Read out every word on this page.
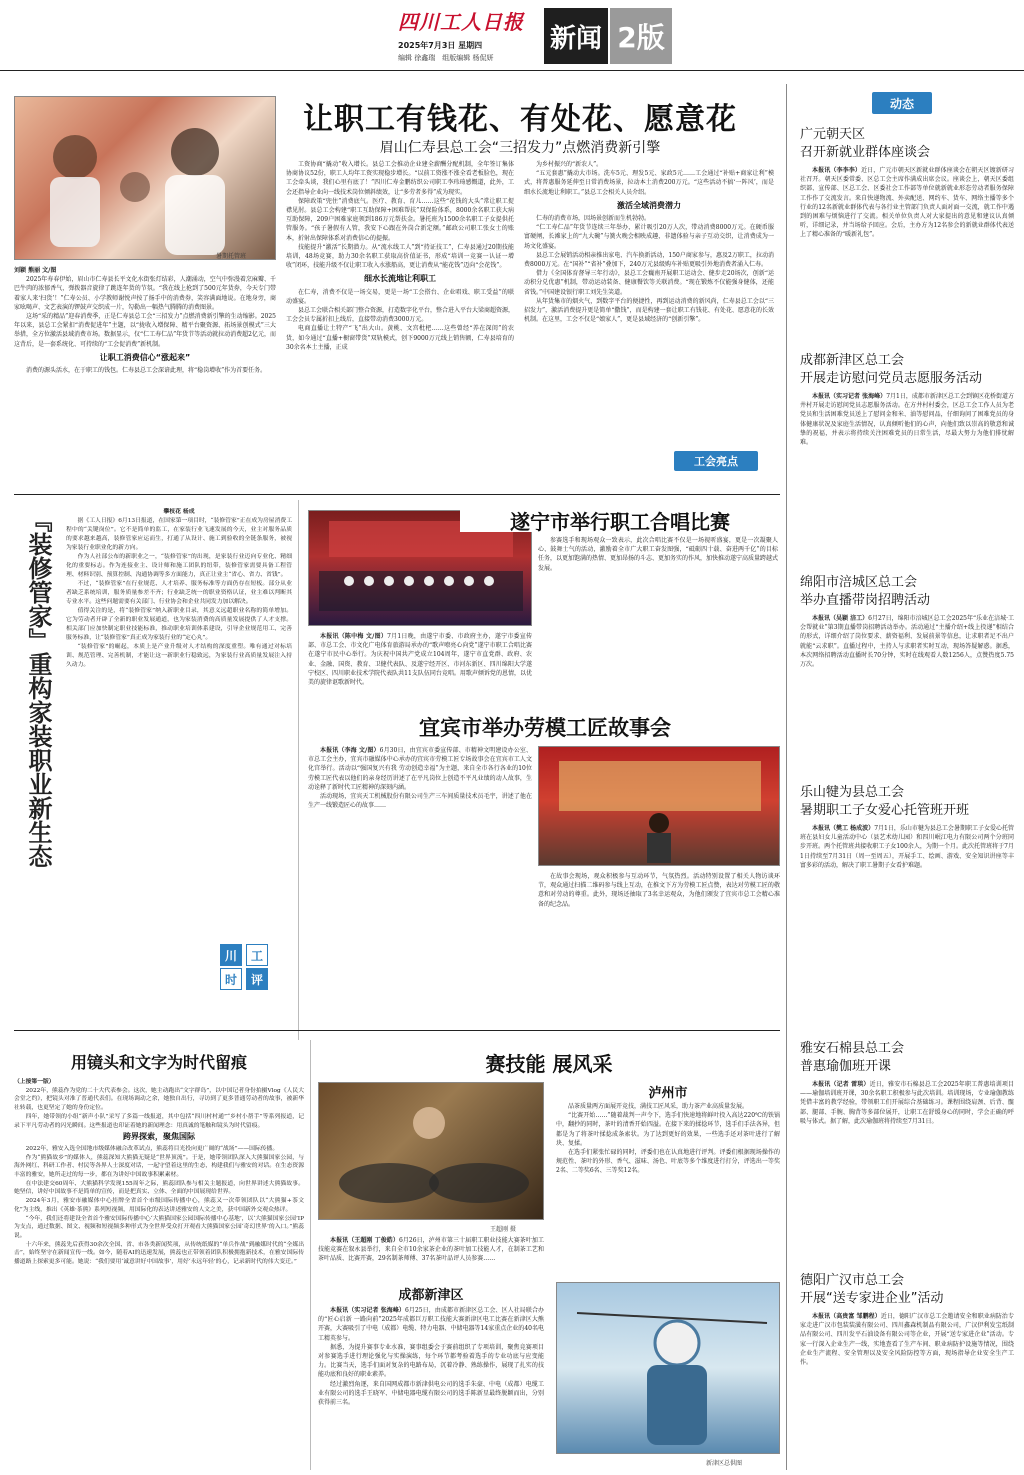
四川工人日报
2025年7月3日 星期四
编辑 徐鑫瑞　组版编辑 杨侃妍
新闻 2版
暑期托管班
让职工有钱花、有处花、愿意花
眉山仁寿县总工会“三招发力”点燃消费新引擎
刘颖 熊丽 文/图

2025年寿春伊始，眉山市仁寿县长平文化水街张灯结彩，人潮涌动，空气中弥漫着烹麻瓣、千巴牛肉的浓郁香气，弹拨器音旋律了跳连年货的节氛。“我在线上抢到了500元年货券，今天专门带着家人来‘扫货’！”仁寿公员、小学教师谢悦声按了扬手中的消费券，笑容满面地说。在地身旁，商家吆喝声、文艺表演的锣鼓声交织成一片，勾勒出一幅热气腾腾的消费图景。

这场“采的精品”迎春消费季，正是仁寿县总工会“三招发力”点燃消费新引擎的生动缩影。2025年以来，县总工会紧扣“消费促进年”主题，以“拢收入增保障、精平台聚资源、拓场景创模式”三大举措，全方位激活县域消费市场。数据显示，仅“仁工寿仁品”年货节等活动就拉动消费超2亿元，而这背后，是一套系统化、可持续的“工会促消费”新机制。

让职工消费信心“涨起来”

消费的源头活水，在于职工的钱包。仁寿县总工会深谙此理，将“稳岗增收”作为首要任务。

工资协商“撬动”收入增长。县总工会推动企业建全薪酬分配机制，全年签订集体协商协议52份，职工人均年工资实现稳步增长。“以前工资涨不涨全看老板脸色，现在工会牵头谈，我们心里有底了！”四川仁寿金鹏纺织公司职工李玮琦感慨道，此外，工会还指导企业向一线技术岗位倾斜绩效，让“多劳者多得”成为现实。

保障政策“兜住”消费底气。医疗、教育、育儿……这些“花钱的大头”常让职工捉襟见肘。县总工会构建“职工互助保障+困难帮扶”双保险体系，8000余名职工获大病互助保障，209户困难家庭领到186万元帮扶金。暑托班为1500余名职工子女提供托管服务。“孩子暑假有人管，我安下心跟在外岗合新定额。”邮政公司职工张女士的账本，折射出保障体系对消费信心的提振。

技能提升“激活”长期潜力。从“流水线工人”到“持证技工”，仁寿县通过20期技能培训，48场竞赛，助力30余名职工获取高价值证书，形成“培训一竞赛一认证一增收”闭环，技能升级不仅让职工收入水涨船高，更让消费从“能花钱”迈向“会花钱”。

细水长流地让利职工

在仁寿，消费不仅是一场交易，更是一场“工会搭台、企业唱戏、职工受益”的联动盛宴。

县总工会联合相关部门整合资源，打造数字化平台，整合进入平台大梁商超资源，工会会员专属折扣上线后，直接带动消费3000万元。

电商直播让土特产“飞”出大山。黄桃、文宫枇杷……这些曾经“养在深闺”的农货，如今通过“直播+橱窗带货”双轨模式，创下9000万元线上销售额，仁寿县培育的30余名本土主播，正成

为乡村振兴的“新农人”。

“五元套惠”撬动大市场。洗车5元、理发5元、家政5元……工会通过“补贴+商家让利”模式，将普惠服务延伸至日常消费场景，拉动本土消费200万元。“这些活动不搞‘一阵风’，而是细水长流地让利职工。”县总工会相关人员介绍。

激活全域消费潜力

仁寿的消费市场，因场景创新而生机勃勃。

“仁工寿仁品”年货节连续三年举办，累计吸引20万人次，带动消费8000万元。在硬币服富硬闸，长滩家上的“九大碗”与簧火晚会相映成趣，非遗体验与亲子互动交织，让消费成为一场文化盛宴。

县总工会展销活动相亲推出家电、汽车换新活动，150户商家参与，惠及2万职工，拉动消费8000万元。在“国补”“省补”叠加下，240万元县级购车补贴更吸引外地消费者涌入仁寿。

借力《全国体育督导三年行动》，县总工会巍南开展职工运动会、健步走20场次，创新“运动积分兑优惠”机制，带动运动装备、健康餐饮等关联消费。“现在锻炼不仅能强身健体，还能省钱。”中国建设银行职工刘先生笑道。

从年货集市的烟火气，到数字平台的便捷性，再到运动消费的新风尚，仁寿县总工会以“三招发力”，激活消费提升更是简单“撒钱”，而是构建一套让职工有钱花、有处花、愿意花的长效机制。在这里，工会不仅是“娘家人”，更是县域经济的“创新引擎”。

工会亮点
『装修管家』重构家装职业新生态	攀枝花 杨成

据《工人日报》6月13日报道，在国家第一项目时，“装修管家”正在成为房屋消费工程中的“关键岗位”。它不是简单的监工，在家装行业飞速发展的今天，业主对服务品质的要求越来越高，装修管家应运而生，打通了从设计、施工到验收的全链条服务，被视为家装行业职业化的新方向。

作为人社部公布的新职业之一，“装修管家”的出现，是家装行业迈向专业化、精细化的重要标志。作为连接业主、设计师和施工团队的纽带，装修管家需要具备工程管理、材料识别、预算控制、沟通协调等多方面能力，真正让业主“省心、省力、省钱”。

不过，“装修管家”在行业规范、人才培养、服务标准等方面仍存在短板。部分从业者缺乏系统培训，服务质量参差不齐；行业缺乏统一的职业资格认证，业主难以判断其专业水平。这些问题需要有关部门、行业协会和企业共同发力加以解决。

值得关注的是，将“装修管家”纳入新职业目录，其意义远超职业名称的简单增加。它为劳动者开辟了全新的职业发展通道，也为家装消费的高质量发展提供了人才支撑。相关部门应加快制定职业技能标准，推动职业培训体系建设，引导企业规范用工、完善服务标准，让“装修管家”真正成为家装行业的“定心丸”。

“装修管家”的崛起，本质上是产业升级对人才结构的深度重塑。唯有通过对标培训、规范管理、完善机制，才能让这一新职业行稳致远，为家装行业高质量发展注入持久动力。

川	工
时	评
遂宁市举行职工合唱比赛

本报讯（陈中梅 文/图）7月1日晚，由遂宁市委、市政府主办，遂宁市委宣传部、市总工会、市文化广电体育旅游局承办的“歌声嘹亮心向党”遂宁市职工合唱比赛在遂宁市民中心举行。为庆祝中国共产党成立104周年，遂宁市直党群、政府、农业、金融、国资、教育、卫健代表队、及遂宁经开区、市河东新区、四川绵阳大学遂宁校区、四川职业技术学院代表队共11支队伍同台竞唱。用歌声倾诉党的恩情，以优美的旋律讴歌新时代。

参赛选手和现场观众一致表示，此次合唱比赛不仅是一场视听盛宴，更是一次凝聚人心、鼓舞士气的活动，激励着全市广大职工奋发图强，“砥砺四十载、奋进两千亿”的目标任务，以更加饱满的热情、更加昂扬的斗志、更加务实的作风，加快推动遂宁高质量跨越式发展。

宜宾市举办劳模工匠故事会

本报讯（李海 文/图）6月30日，由宜宾市委宣传部、市精神文明建设办公室、市总工会主办，宜宾市融媒体中心承办的宜宾市劳模工匠专场故事会在宜宾市工人文化宫举行。活动以“强国复兴有我 劳动创造幸福”为主题，来自全市各行各业的10位劳模工匠代表以他们的亲身经历讲述了在平凡岗位上创造不平凡业绩的动人故事，生动诠释了新时代工匠精神的深刻内涵。

活动现场，宜宾天工机械股份有限公司生产三车间质量技术员毛宇，讲述了他在生产一线锻造匠心的故事……

在故事会现场，观众积极参与互动环节，气氛热烈。活动特别设置了相关人物访谈环节，观众通过扫描二维码参与线上互动，在推文下方为劳模工匠点赞，表达对劳模工匠的敬意和对劳动的尊重。此外，现场还抽取了3名幸运观众，为他们颁发了宜宾市总工会精心准备的纪念品。

赛技能 展风采
王超刚 摄
泸州市

品茶质量两方面展开竞技，满技工匠风采，助力茶产业高质量发展。

“比赛开始……”随着裁判一声令下，选手们快速地将鲜叶投入高达220℃的铁锅中，翻抄的同时，茶叶的清香开始四溢。在接下来的揉捻环节，选手们手法各异，但都是为了将茶叶揉捻成条索状。为了达到更好的效果，一些选手还对茶叶进行了解块、复揉。

在选手们紧张忙碌的同时，评委们也在认真地进行评判。评委们根据现场操作的规范性、茶叶的外形、香气、滋味、汤色、叶底等多个维度进行打分，评选出一等奖2名、二等奖6名、三等奖12名。

本报讯（王超刚 丁俊皓）6月26日，泸州市第三十届职工职业技能大赛茶叶加工技能竞赛在叙永县举行，来自全市10余家茶企业的茶叶加工技能人才，在制茶工艺和茶叶品质、比赛开赛，29名制茶师傅、37名茶叶品评人员参赛……

成都新津区

本报讯（实习记者 张海峰）6月25日，由成都市新津区总工会、区人社局联合办的“匠心启新 一路向前”2025年成都巨万职工技能大赛新津区电工比赛在新津区大熊开赛，大赛吸引了中电（成都）电缆、特力电器、中储电器等14家重点企业的40名电工精英参与。

据悉，为提升赛事专业水准，赛事组委会于赛前组织了专项培训，聚焦竞赛项目对参赛选手进行理论强化与实操演练，每个环节都考验着选手的专业功底与应变能力。比赛当天，选手们面对复杂的电路布局，沉着冷静、熟练操作，展现了扎实的技能功底和良好的职业素养。

经过激烈角逐，来自国网成都市新津供电公司的选手朱豪、中电（成都）电缆工业有限公司的选手王晓军、中储电器电缆有限公司的选手陈新星最终脱颖而出，分别获得前三名。

新津区总供图
用镜头和文字为时代留痕
（上接第一版）

2022年，熊蕊作为党的二十大代表参会。这次，她主动跑出“文字群岛”，以中国记者身份拍摄Vlog《人民大会堂之约》，把镜头对准了普通代表们。在现场调动之余，她独自出行，寻访到了更多普通劳动者的故事，被新华社转载，也更坚定了她的身份定位。

四年，她带领的小组“新声小队”采写了多篇一线报道，其中包括“四川村村通”“乡村小帮手”等系列报道，记录下平凡劳动者的闪光瞬间。这些报道也印证着她的新闻理念：用真诚的笔触和镜头为时代留痕。

跨界探索，聚焦国际

2022年，雅安入选全国地市级媒体融合改革试点，熊蕊将目光投向更广阔的“战场”——国际传播。

作为“熊猫故乡”的媒体人，熊蕊深知大熊猫无疑是“世界顶流”。于是，她带领团队深入大熊猫国家公园，与海外网红、科研工作者、村民等各界人士深度对话，一起守望着这里的生态，构建我们与雅安的对话。在生态资源丰富的雅安，她所走过的每一步，都在为讲好中国故事积累素材。

在中法建交60周年、大熊猫科学发现155周年之际，熊蕊团队参与相关主题报道，向世界讲述大熊猫故事。她坚信，讲好中国故事不是简单的宣传，而是把真实、立体、全面的中国展现给世界。

2024年3月，雅安市融媒体中心挂牌全省首个市级国际传播中心，熊蕊又一次带领团队以“大熊猫+茶文化”为主线，推出《英雄·茶熊》系列短视频，用国际化的表达讲述雅安的人文之美，获中国新外交观众热评。

“今年，我们还将建设全省首个雅安国际传播中心‘大熊猫国家公园国际传播中心基地’，以‘大熊猫国家公园’IP为支点，通过数据、图文、视频和短视频多种形式为全世界受众打开观看大熊猫国家公园‘奇幻世界’的入口。”熊蕊说。

十六年来，熊蕊先后获得30余次全国、省、市各类新闻奖项，从传统纸媒的“单兵作战”到融媒时代的“全媒出击”，始终坚守在新闻宣传一线。如今，随着AI的迅速发展，熊蕊也正带领着团队积极拥抱新技术，在雅安国际传播道路上探索更多可能。她说：“我们要用‘诚意讲好中国故事’，用好‘永远年轻’的心，记录新时代的伟大变迁。”

动态
广元朝天区
召开新就业群体座谈会

本报讯（李李李）近日，广元市朝天区新就业群体座谈会在朝天区镀新研习社召开。朝天区委常委、区总工会主席作满成出席会议。座谈会上，朝天区委组织部、宣传部、区总工会、区委社会工作部等单位就新就业形态劳动者服务保障工作作了交流发言。来自快递物流、外卖配送、网约车、货车、网络主播等多个行业的12名新就业群体代表与各行业主管部门负责人面对面一交流，就工作中遇到的困难与烦恼进行了交流。相关单位负责人对大家提出的意见和建议认真倾听，详细记录，并当场给予回应。会后，主办方为12名参会的新就业群体代表送上了精心准备的“暖新礼包”。

成都新津区总工会
开展走访慰问党员志愿服务活动

本报讯（实习记者 张海峰）7月1日，成都市新津区总工会到镇区花桥街道方井村开展走访慰问党员志愿服务活动。在方井村村委会，区总工会工作人员为老党员和生活困难党员送上了慰问金和米、油等慰问品，仔细询问了困难党员的身体健康状况及家庭生活情况，认真倾听他们的心声，向他们致以崇高的敬意和诚挚的祝福，并表示将持续关注困难党员的日常生活，尽最大努力为他们排忧解难。

绵阳市涪城区总工会
举办直播带岗招聘活动

本报讯（吴颖 涪工）6月27日，绵阳市涪城区总工会2025年“乐业在涪城·工会帮就业”第3期直播带岗招聘活动举办。活动通过“主播介绍+线上投递”相结合的形式，详细介绍了岗位要求、薪资福利、发展前景等信息，让求职者足不出户就能“云求职”。直播过程中，主持人与求职者实时互动，现场答疑解惑。据悉，本次网络招聘活动直播时长70分钟，实时在线观看人数1256人，点赞热度5.75万次。

乐山犍为县总工会
暑期职工子女爱心托管班开班

本报讯（樊工 杨成波）7月1日，乐山市犍为县总工会暑期职工子女爱心托管班在县妇女儿童活动中心（县艺术幼儿园）和四川岷江电力有限公司两个分班同步开班。两个托管班共接收职工子女100余人，为期一个月。此次托管班将于7月1日持续至7月31日（周一至周五），开展手工、绘画、游戏、安全知识讲座等丰富多彩的活动，解决了职工暑期子女看护难题。

雅安石棉县总工会
普惠瑜伽班开课

本报讯（记者 雷琰）近日，雅安市石棉县总工会2025年职工普惠培训项目——瑜伽培训班开课，30余名职工积极参与此次培训。培训现场，专业瑜伽教练凭借丰富的教学经验，带领职工们开展综合基础练习。课程围绕肩颈、后背、髋部、腿部、手腕、胸背等多部位展开，让职工在舒缓身心的同时，学会正确的呼吸与体式。据了解，此次瑜伽班将持续至7月31日。

德阳广汉市总工会
开展“送专家进企业”活动

本报讯（高贵富 邹鹏程）近日，德阳广汉市总工会邀请安全和职业病防治专家走进广汉市包装装潢有限公司、四川鑫森机制品有限公司，广汉伊利发宝纸制品有限公司、四川发平石油设备有限公司等企业，开展“送专家进企业”活动。专家一行深入企业生产一线，实地查看了生产车间、职业病防护设施等情况，围绕企业生产流程、安全管理以及安全风险防控等方面，现场指导企业安全生产工作。
